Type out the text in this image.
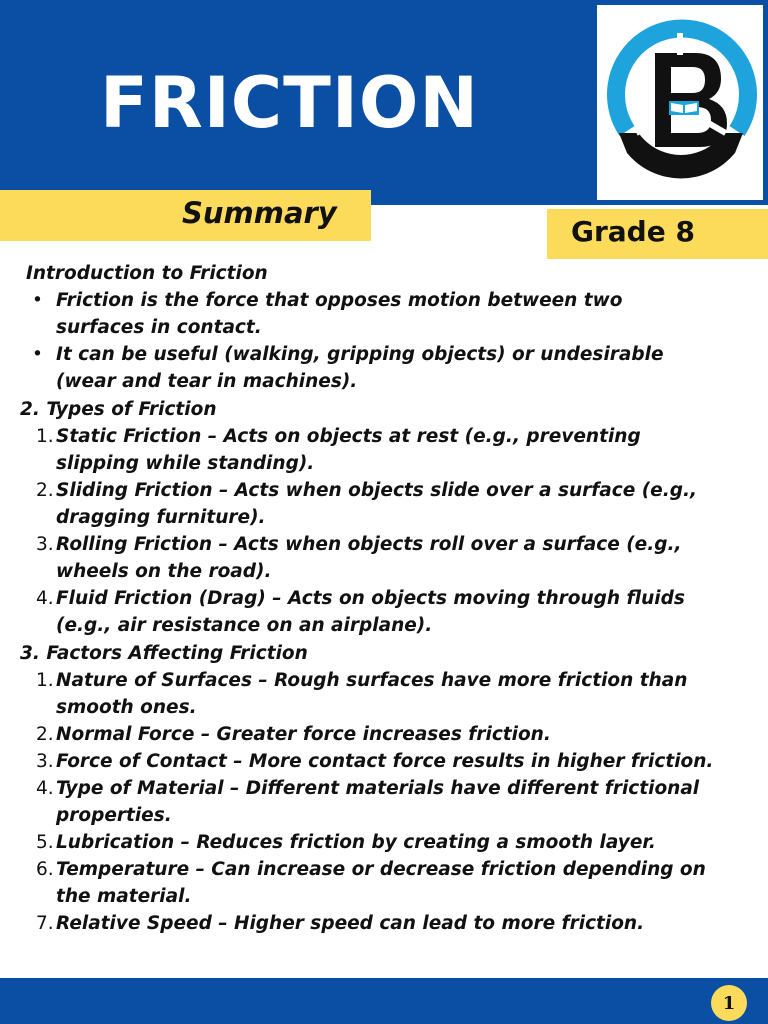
FRICTION
Summary
Grade 8
Introduction to Friction
• Friction is the force that opposes motion between two surfaces in contact.
• It can be useful (walking, gripping objects) or undesirable (wear and tear in machines).
2. Types of Friction
1. Static Friction – Acts on objects at rest (e.g., preventing slipping while standing).
2. Sliding Friction – Acts when objects slide over a surface (e.g., dragging furniture).
3. Rolling Friction – Acts when objects roll over a surface (e.g., wheels on the road).
4. Fluid Friction (Drag) – Acts on objects moving through fluids (e.g., air resistance on an airplane).
3. Factors Affecting Friction
1. Nature of Surfaces – Rough surfaces have more friction than smooth ones.
2. Normal Force – Greater force increases friction.
3. Force of Contact – More contact force results in higher friction.
4. Type of Material – Different materials have different frictional properties.
5. Lubrication – Reduces friction by creating a smooth layer.
6. Temperature – Can increase or decrease friction depending on the material.
7. Relative Speed – Higher speed can lead to more friction.
1
